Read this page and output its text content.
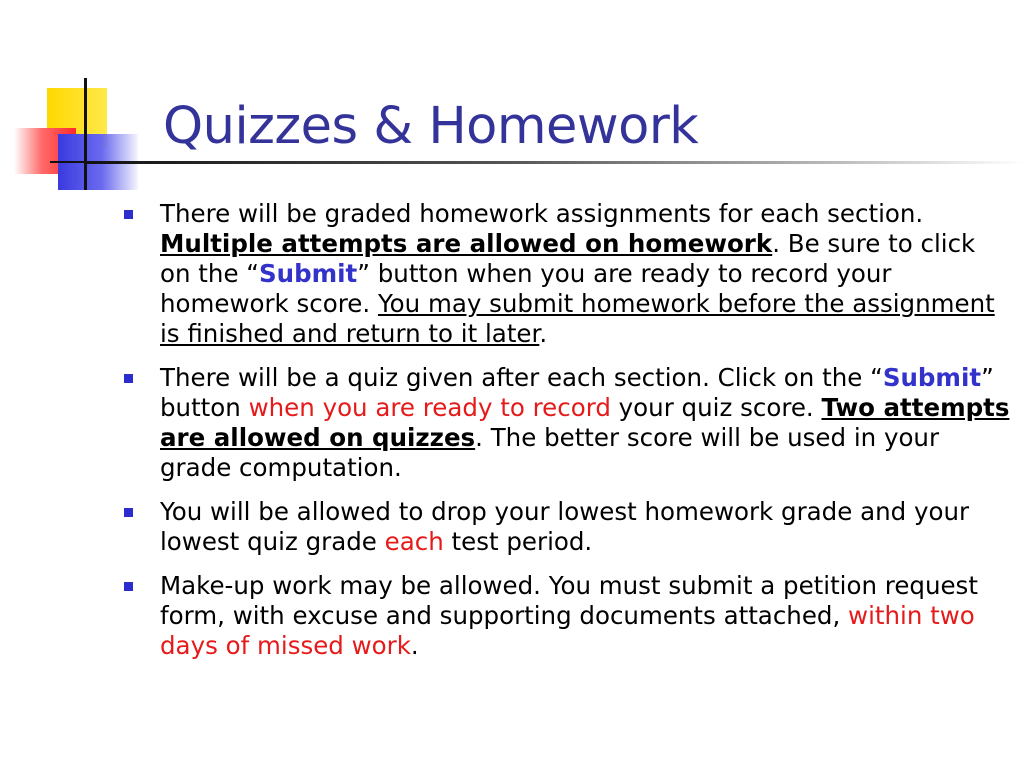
Quizzes & Homework
There will be graded homework assignments for each section. Multiple attempts are allowed on homework. Be sure to click on the “Submit” button when you are ready to record your homework score. You may submit homework before the assignment is finished and return to it later.
There will be a quiz given after each section. Click on the “Submit” button when you are ready to record your quiz score. Two attempts are allowed on quizzes. The better score will be used in your grade computation.
You will be allowed to drop your lowest homework grade and your lowest quiz grade each test period.
Make-up work may be allowed. You must submit a petition request form, with excuse and supporting documents attached, within two days of missed work.
